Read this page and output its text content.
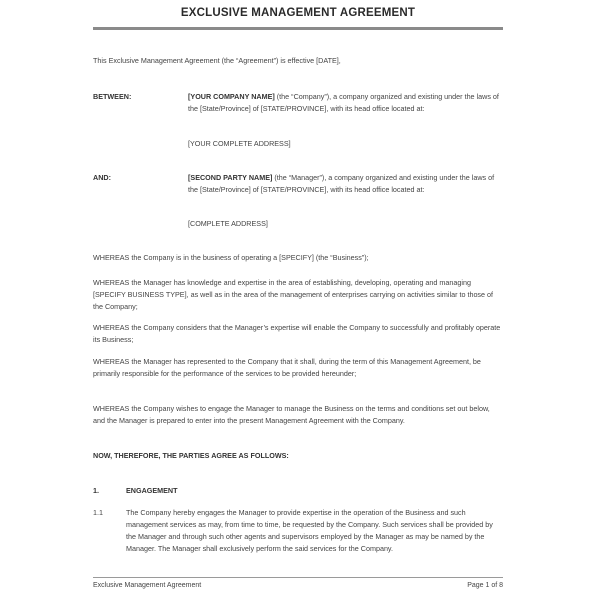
EXCLUSIVE MANAGEMENT AGREEMENT
This Exclusive Management Agreement (the “Agreement”) is effective [DATE],
BETWEEN:	[YOUR COMPANY NAME] (the “Company”), a company organized and existing under the laws of the [State/Province] of [STATE/PROVINCE], with its head office located at:
[YOUR COMPLETE ADDRESS]
AND:	[SECOND PARTY NAME] (the “Manager”), a company organized and existing under the laws of the [State/Province] of [STATE/PROVINCE], with its head office located at:
[COMPLETE ADDRESS]
WHEREAS the Company is in the business of operating a [SPECIFY] (the “Business”);
WHEREAS the Manager has knowledge and expertise in the area of establishing, developing, operating and managing [SPECIFY BUSINESS TYPE], as well as in the area of the management of enterprises carrying on activities similar to those of the Company;
WHEREAS the Company considers that the Manager’s expertise will enable the Company to successfully and profitably operate its Business;
WHEREAS the Manager has represented to the Company that it shall, during the term of this Management Agreement, be primarily responsible for the performance of the services to be provided hereunder;
WHEREAS the Company wishes to engage the Manager to manage the Business on the terms and conditions set out below, and the Manager is prepared to enter into the present Management Agreement with the Company.
NOW, THEREFORE, THE PARTIES AGREE AS FOLLOWS:
1.	ENGAGEMENT
1.1	The Company hereby engages the Manager to provide expertise in the operation of the Business and such management services as may, from time to time, be requested by the Company. Such services shall be provided by the Manager and through such other agents and supervisors employed by the Manager as may be named by the Manager. The Manager shall exclusively perform the said services for the Company.
Exclusive Management Agreement	Page 1 of 8
